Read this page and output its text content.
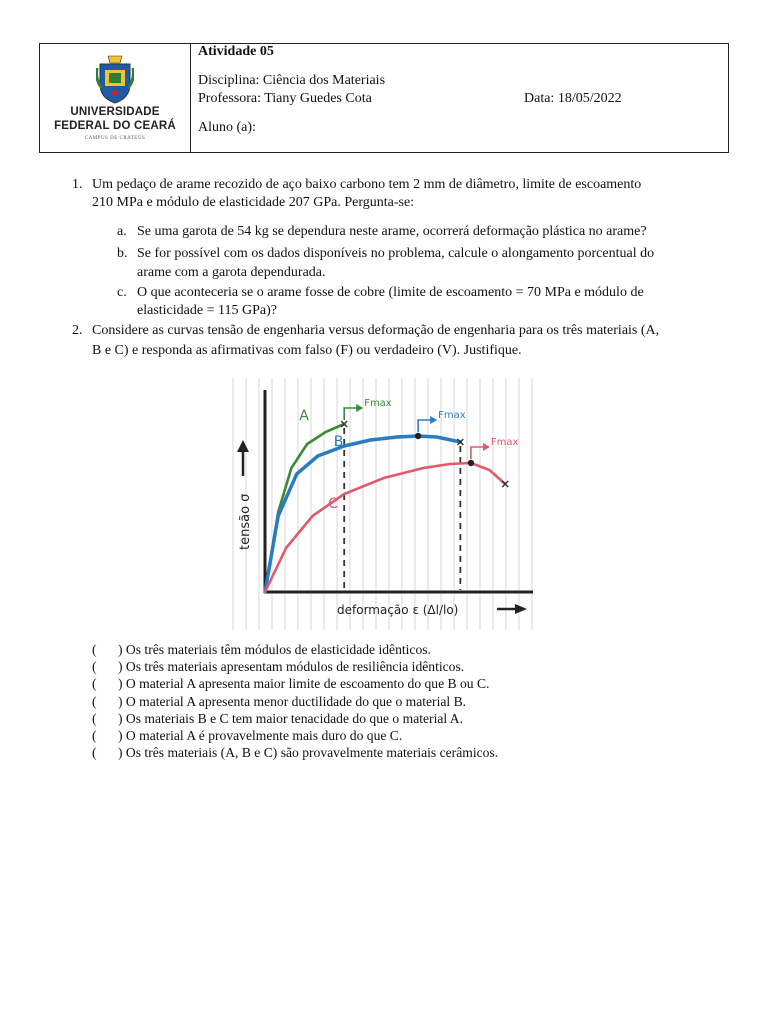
UNIVERSIDADE
FEDERAL DO CEARÁ
CAMPUS DE CRATEÚS
Atividade 05
Disciplina: Ciência dos Materiais
Professora: Tiany Guedes Cota	Data: 18/05/2022
Aluno (a):
1. Um pedaço de arame recozido de aço baixo carbono tem 2 mm de diâmetro, limite de escoamento
210 MPa e módulo de elasticidade 207 GPa. Pergunta-se:
a. Se uma garota de 54 kg se dependura neste arame, ocorrerá deformação plástica no arame?
b. Se for possível com os dados disponíveis no problema, calcule o alongamento porcentual do
arame com a garota dependurada.
c. O que aconteceria se o arame fosse de cobre (limite de escoamento = 70 MPa e módulo de
elasticidade = 115 GPa)?
2. Considere as curvas tensão de engenharia versus deformação de engenharia para os três materiais (A,
B e C) e responda as afirmativas com falso (F) ou verdadeiro (V). Justifique.
tensão σ
deformação ε (Δl/lo)
A
Fmax
B
Fmax
C
Fmax
( ) Os três materiais têm módulos de elasticidade idênticos.
( ) Os três materiais apresentam módulos de resiliência idênticos.
( ) O material A apresenta maior limite de escoamento do que B ou C.
( ) O material A apresenta menor ductilidade do que o material B.
( ) Os materiais B e C tem maior tenacidade do que o material A.
( ) O material A é provavelmente mais duro do que C.
( ) Os três materiais (A, B e C) são provavelmente materiais cerâmicos.
